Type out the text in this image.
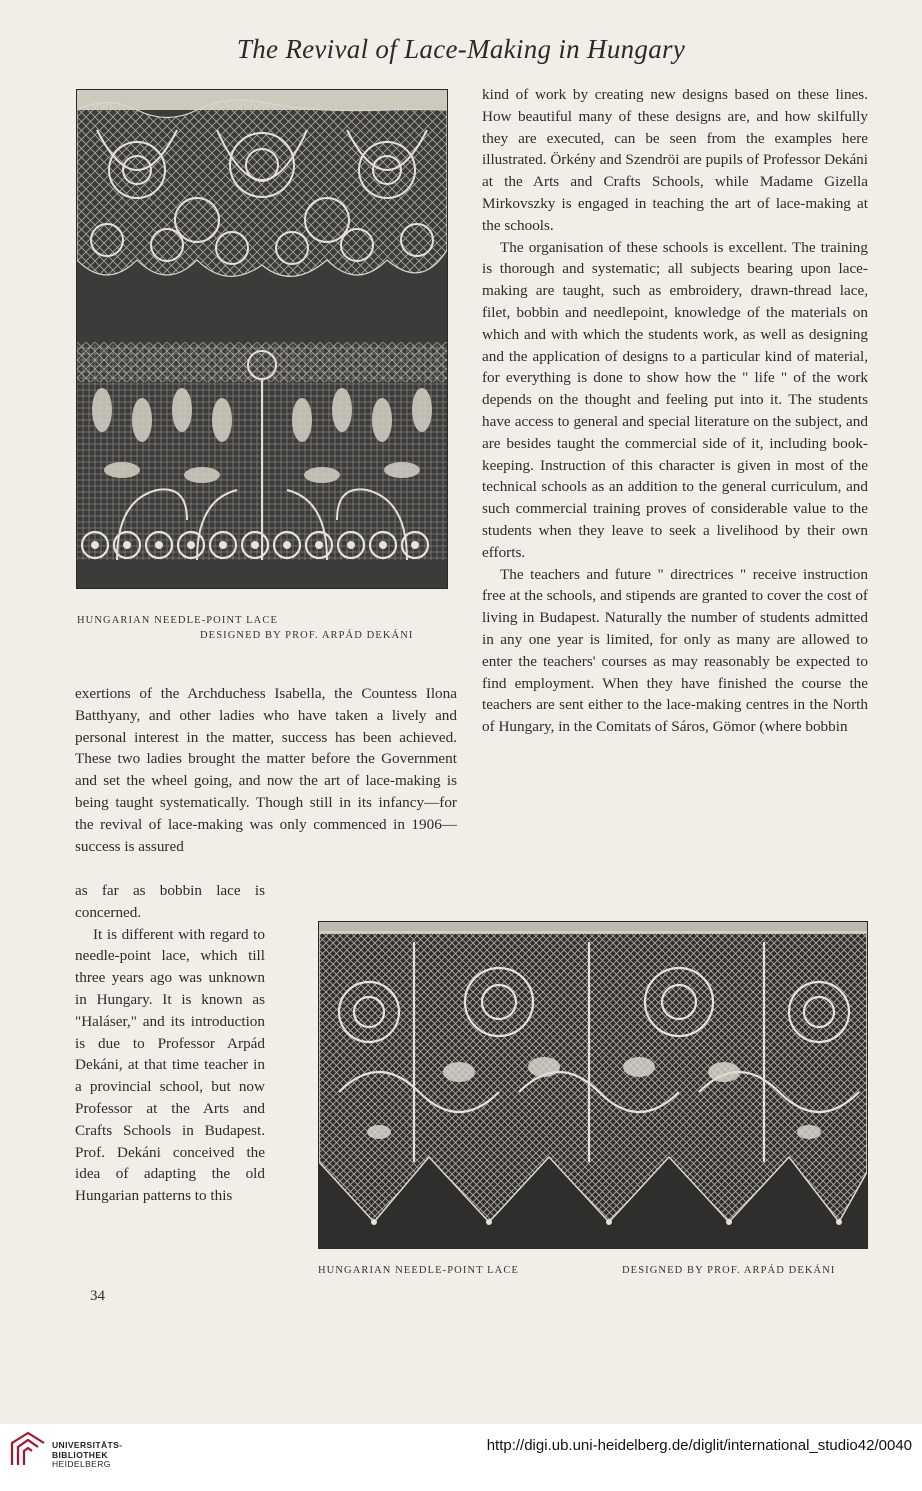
The Revival of Lace-Making in Hungary
HUNGARIAN NEEDLE-POINT LACE
DESIGNED BY PROF. ARPÁD DEKÁNI

kind of work by creating new designs based on these lines. How beautiful many of these designs are, and how skilfully they are executed, can be seen from the examples here illustrated. Örkény and Szendröi are pupils of Professor Dekáni at the Arts and Crafts Schools, while Madame Gizella Mirkovszky is engaged in teaching the art of lace-making at the schools.

The organisation of these schools is excellent. The training is thorough and systematic; all subjects bearing upon lace-making are taught, such as embroidery, drawn-thread lace, filet, bobbin and needlepoint, knowledge of the materials on which and with which the students work, as well as designing and the application of designs to a particular kind of material, for everything is done to show how the " life " of the work depends on the thought and feeling put into it. The students have access to general and special literature on the subject, and are besides taught the commercial side of it, including book-keeping. Instruction of this character is given in most of the technical schools as an addition to the general curriculum, and such commercial training proves of considerable value to the students when they leave to seek a livelihood by their own efforts.

The teachers and future " directrices " receive instruction free at the schools, and stipends are granted to cover the cost of living in Budapest. Naturally the number of students admitted in any one year is limited, for only as many are allowed to enter the teachers' courses as may reasonably be expected to find employment. When they have finished the course the teachers are sent either to the lace-making centres in the North of Hungary, in the Comitats of Sáros, Gömor (where bobbin

exertions of the Archduchess Isabella, the Countess Ilona Batthyany, and other ladies who have taken a lively and personal interest in the matter, success has been achieved. These two ladies brought the matter before the Government and set the wheel going, and now the art of lace-making is being taught systematically. Though still in its infancy—for the revival of lace-making was only commenced in 1906—success is assured

as far as bobbin lace is concerned.

It is different with regard to needle-point lace, which till three years ago was unknown in Hungary. It is known as "Haláser," and its introduction is due to Professor Arpád Dekáni, at that time teacher in a provincial school, but now Professor at the Arts and Crafts Schools in Budapest. Prof. Dekáni conceived the idea of adapting the old Hungarian patterns to this

HUNGARIAN NEEDLE-POINT LACE	DESIGNED BY PROF. ARPÁD DEKÁNI
34
UNIVERSITÄTS-
BIBLIOTHEK
HEIDELBERG
http://digi.ub.uni-heidelberg.de/diglit/international_studio42/0040
